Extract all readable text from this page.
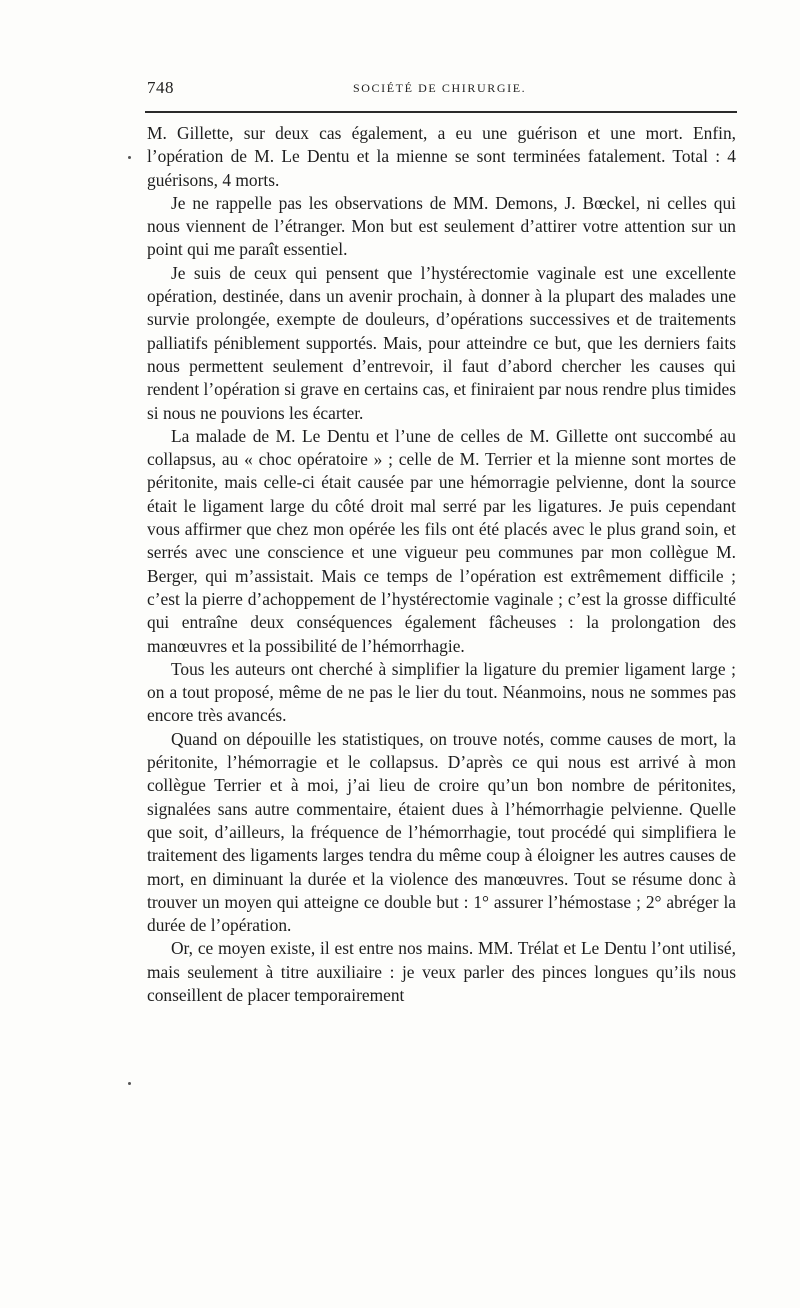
748	SOCIÉTÉ DE CHIRURGIE.

M. Gillette, sur deux cas également, a eu une guérison et une mort. Enfin, l’opération de M. Le Dentu et la mienne se sont terminées fatalement. Total : 4 guérisons, 4 morts.

Je ne rappelle pas les observations de MM. Demons, J. Bœckel, ni celles qui nous viennent de l’étranger. Mon but est seulement d’attirer votre attention sur un point qui me paraît essentiel.

Je suis de ceux qui pensent que l’hystérectomie vaginale est une excellente opération, destinée, dans un avenir prochain, à donner à la plupart des malades une survie prolongée, exempte de douleurs, d’opérations successives et de traitements palliatifs péniblement supportés. Mais, pour atteindre ce but, que les derniers faits nous permettent seulement d’entrevoir, il faut d’abord chercher les causes qui rendent l’opération si grave en certains cas, et finiraient par nous rendre plus timides si nous ne pouvions les écarter.

La malade de M. Le Dentu et l’une de celles de M. Gillette ont succombé au collapsus, au « choc opératoire » ; celle de M. Terrier et la mienne sont mortes de péritonite, mais celle-ci était causée par une hémorragie pelvienne, dont la source était le ligament large du côté droit mal serré par les ligatures. Je puis cependant vous affirmer que chez mon opérée les fils ont été placés avec le plus grand soin, et serrés avec une conscience et une vigueur peu communes par mon collègue M. Berger, qui m’assistait. Mais ce temps de l’opération est extrêmement difficile ; c’est la pierre d’achoppement de l’hystérectomie vaginale ; c’est la grosse difficulté qui entraîne deux conséquences également fâcheuses : la prolongation des manœuvres et la possibilité de l’hémorrhagie.

Tous les auteurs ont cherché à simplifier la ligature du premier ligament large ; on a tout proposé, même de ne pas le lier du tout. Néanmoins, nous ne sommes pas encore très avancés.

Quand on dépouille les statistiques, on trouve notés, comme causes de mort, la péritonite, l’hémorragie et le collapsus. D’après ce qui nous est arrivé à mon collègue Terrier et à moi, j’ai lieu de croire qu’un bon nombre de péritonites, signalées sans autre commentaire, étaient dues à l’hémorrhagie pelvienne. Quelle que soit, d’ailleurs, la fréquence de l’hémorrhagie, tout procédé qui simplifiera le traitement des ligaments larges tendra du même coup à éloigner les autres causes de mort, en diminuant la durée et la violence des manœuvres. Tout se résume donc à trouver un moyen qui atteigne ce double but : 1° assurer l’hémostase ; 2° abréger la durée de l’opération.

Or, ce moyen existe, il est entre nos mains. MM. Trélat et Le Dentu l’ont utilisé, mais seulement à titre auxiliaire : je veux parler des pinces longues qu’ils nous conseillent de placer temporairement
